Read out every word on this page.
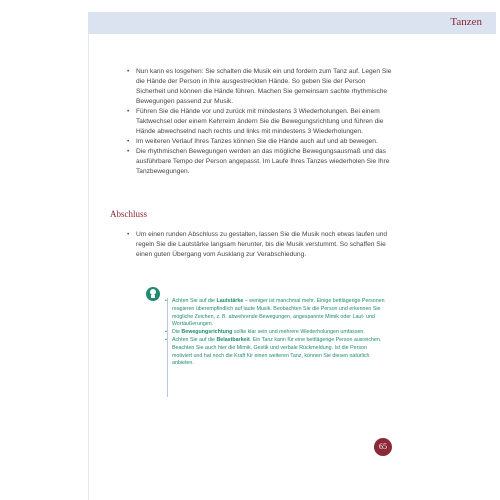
Tanzen
• Nun kann es losgehen: Sie schalten die Musik ein und fordern zum Tanz auf. Legen Sie die Hände der Person in Ihre ausgestreckten Hände. So geben Sie der Person Sicherheit und können die Hände führen. Machen Sie gemeinsam sachte rhythmische Bewegungen passend zur Musik.
• Führen Sie die Hände vor und zurück mit mindestens 3 Wiederholungen. Bei einem Taktwechsel oder einem Kehrreim ändern Sie die Bewegungsrichtung und führen die Hände abwechselnd nach rechts und links mit mindestens 3 Wiederholungen.
• Im weiteren Verlauf Ihres Tanzes können Sie die Hände auch auf und ab bewegen.
• Die rhythmischen Bewegungen werden an das mögliche Bewegungsausmaß und das ausführbare Tempo der Person angepasst. Im Laufe Ihres Tanzes wiederholen Sie Ihre Tanzbewegungen.
Abschluss
• Um einen runden Abschluss zu gestalten, lassen Sie die Musik noch etwas laufen und regeln Sie die Lautstärke langsam herunter, bis die Musik verstummt. So schaffen Sie einen guten Übergang vom Ausklang zur Verabschiedung.
• Achten Sie auf die Lautstärke – weniger ist manchmal mehr. Einige bettlägerige Personen reagieren überempfindlich auf laute Musik. Beobachten Sie die Person und erkennen Sie mögliche Zeichen, z. B. abwehrende Bewegungen, angespannte Mimik oder Laut- und Wortäußerungen.
• Die Bewegungsrichtung sollte klar sein und mehrere Wiederholungen umfassen.
• Achten Sie auf die Belastbarkeit. Ein Tanz kann für eine bettlägerige Person ausreichen. Beachten Sie auch hier die Mimik, Gestik und verbale Rückmeldung. Ist die Person motiviert und hat noch die Kraft für einen weiteren Tanz, können Sie diesen natürlich anbieten.
65
